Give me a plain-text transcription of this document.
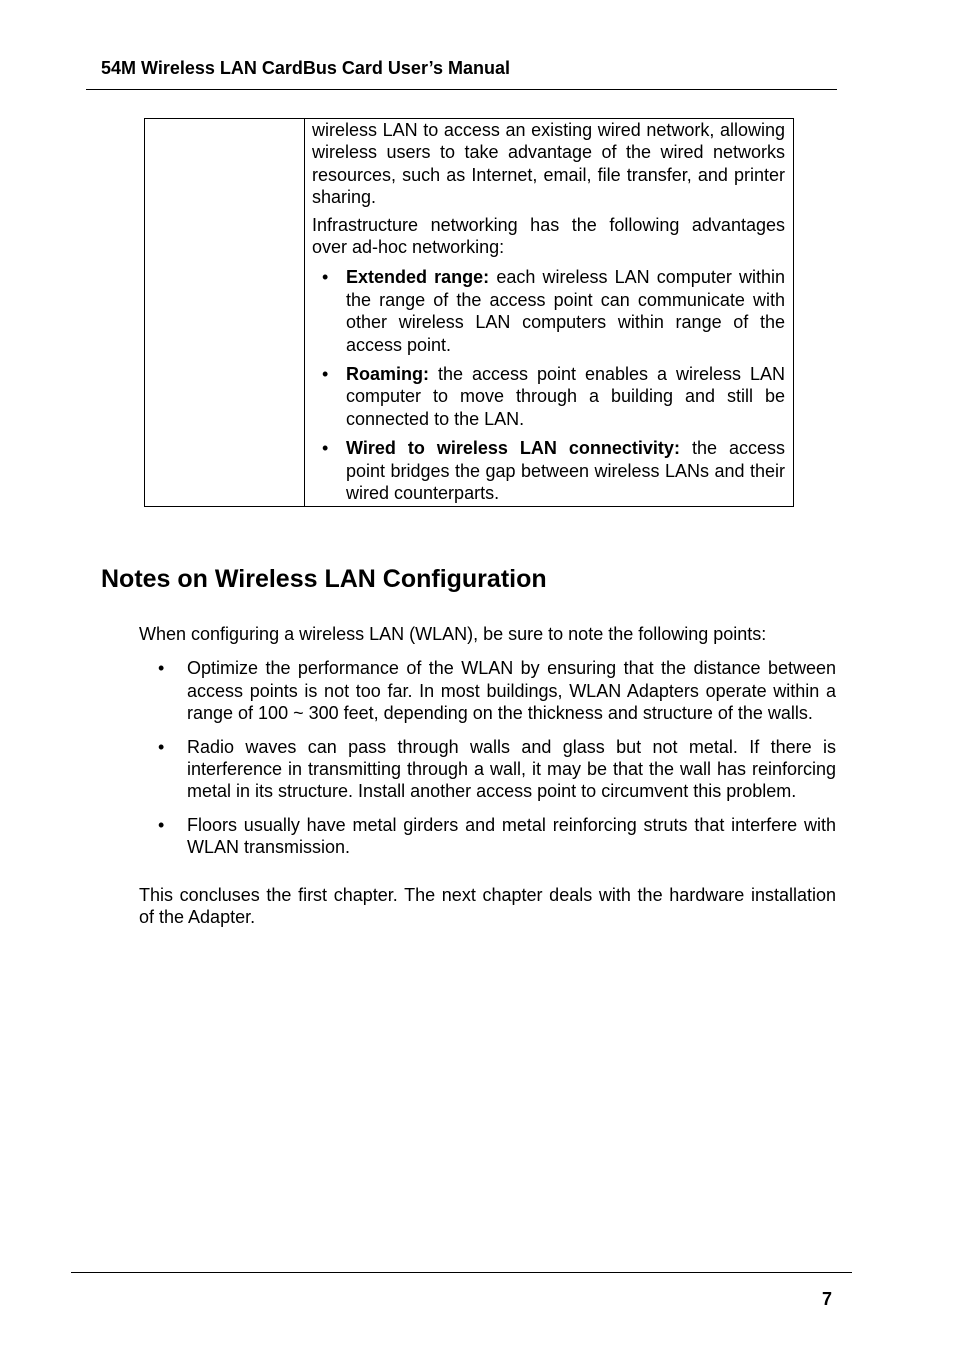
54M Wireless LAN CardBus Card User’s Manual

wireless LAN to access an existing wired network, allowing wireless users to take advantage of the wired networks resources, such as Internet, email, file transfer, and printer sharing.

Infrastructure networking has the following advantages over ad-hoc networking:

• Extended range: each wireless LAN computer within the range of the access point can communicate with other wireless LAN computers within range of the access point.
• Roaming: the access point enables a wireless LAN computer to move through a building and still be connected to the LAN.
• Wired to wireless LAN connectivity: the access point bridges the gap between wireless LANs and their wired counterparts.
Notes on Wireless LAN Configuration

When configuring a wireless LAN (WLAN), be sure to note the following points:

• Optimize the performance of the WLAN by ensuring that the distance between access points is not too far. In most buildings, WLAN Adapters operate within a range of 100 ~ 300 feet, depending on the thickness and structure of the walls.
• Radio waves can pass through walls and glass but not metal. If there is interference in transmitting through a wall, it may be that the wall has reinforcing metal in its structure. Install another access point to circumvent this problem.
• Floors usually have metal girders and metal reinforcing struts that interfere with WLAN transmission.

This concluses the first chapter. The next chapter deals with the hardware installation of the Adapter.

7
